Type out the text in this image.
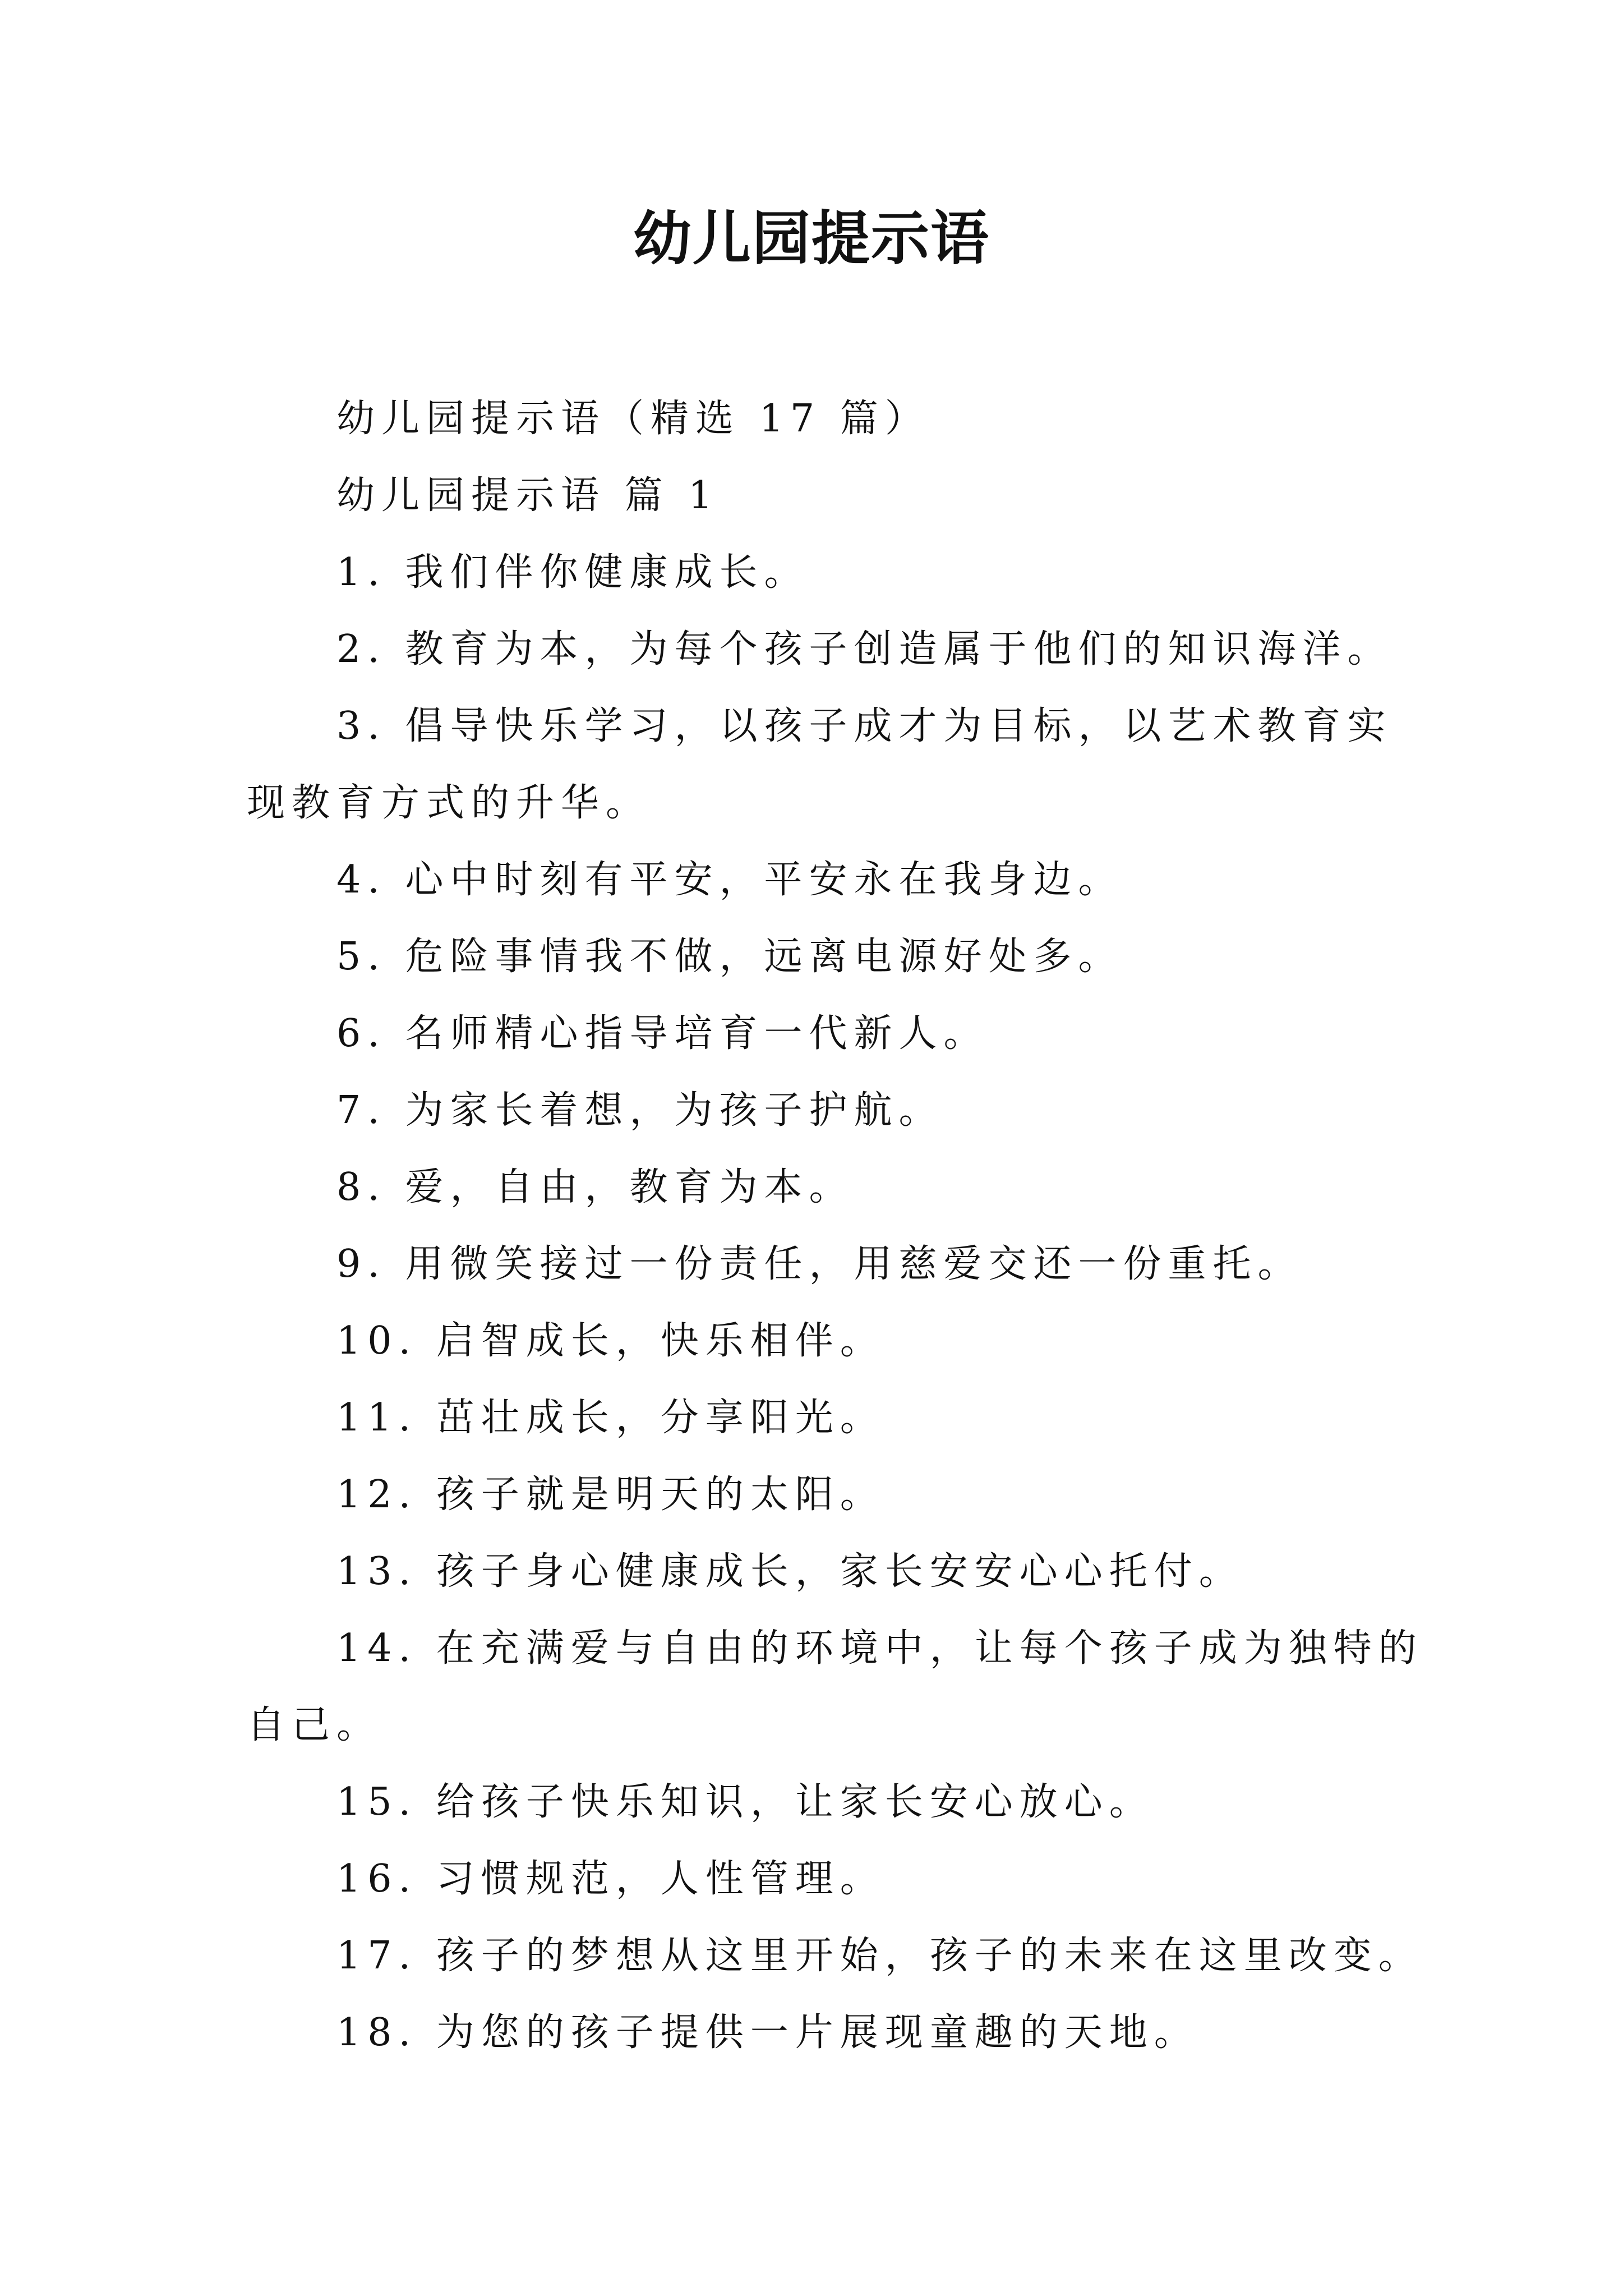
幼儿园提示语

幼儿园提示语（精选 17 篇）

幼儿园提示语 篇 1

1. 我们伴你健康成长。

2. 教育为本，为每个孩子创造属于他们的知识海洋。

3. 倡导快乐学习，以孩子成才为目标，以艺术教育实

现教育方式的升华。

4. 心中时刻有平安，平安永在我身边。

5. 危险事情我不做，远离电源好处多。

6. 名师精心指导培育一代新人。

7. 为家长着想，为孩子护航。

8. 爱，自由，教育为本。

9. 用微笑接过一份责任，用慈爱交还一份重托。

10. 启智成长，快乐相伴。

11. 茁壮成长，分享阳光。

12. 孩子就是明天的太阳。

13. 孩子身心健康成长，家长安安心心托付。

14. 在充满爱与自由的环境中，让每个孩子成为独特的

自己。

15. 给孩子快乐知识，让家长安心放心。

16. 习惯规范，人性管理。

17. 孩子的梦想从这里开始，孩子的未来在这里改变。

18. 为您的孩子提供一片展现童趣的天地。
